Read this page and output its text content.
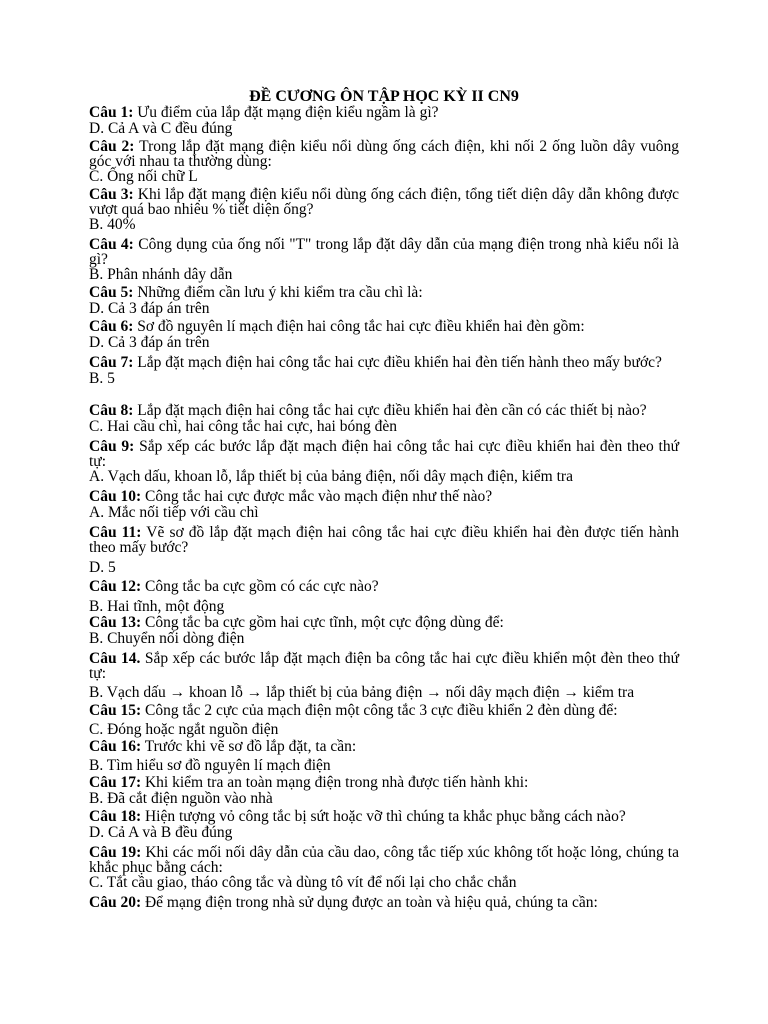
ĐỀ CƯƠNG ÔN TẬP HỌC KỲ II CN9

Câu 1: Ưu điểm của lắp đặt mạng điện kiểu ngầm là gì?

D. Cả A và C đều đúng

Câu 2: Trong lắp đặt mạng điện kiểu nổi dùng ống cách điện, khi nối 2 ống luồn dây vuông góc với nhau ta thường dùng:

C. Ống nối chữ L

Câu 3: Khi lắp đặt mạng điện kiểu nổi dùng ống cách điện, tổng tiết diện dây dẫn không được vượt quá bao nhiêu % tiết diện ống?

B. 40%

Câu 4: Công dụng của ống nối "T" trong lắp đặt dây dẫn của mạng điện trong nhà kiểu nổi là gì?

B. Phân nhánh dây dẫn

Câu 5: Những điểm cần lưu ý khi kiểm tra cầu chì là:

D. Cả 3 đáp án trên

Câu 6: Sơ đồ nguyên lí mạch điện hai công tắc hai cực điều khiển hai đèn gồm:

D. Cả 3 đáp án trên

Câu 7: Lắp đặt mạch điện hai công tắc hai cực điều khiển hai đèn tiến hành theo mấy bước?

B. 5

Câu 8: Lắp đặt mạch điện hai công tắc hai cực điều khiển hai đèn cần có các thiết bị nào?

C. Hai cầu chì, hai công tắc hai cực, hai bóng đèn

Câu 9: Sắp xếp các bước lắp đặt mạch điện hai công tắc hai cực điều khiển hai đèn theo thứ tự:

A. Vạch dấu, khoan lỗ, lắp thiết bị của bảng điện, nối dây mạch điện, kiểm tra

Câu 10: Công tắc hai cực được mắc vào mạch điện như thế nào?

A. Mắc nối tiếp với cầu chì

Câu 11: Vẽ sơ đồ lắp đặt mạch điện hai công tắc hai cực điều khiển hai đèn được tiến hành theo mấy bước?

D. 5

Câu 12: Công tắc ba cực gồm có các cực nào?

B. Hai tĩnh, một động

Câu 13: Công tắc ba cực gồm hai cực tĩnh, một cực động dùng để:

B. Chuyển nối dòng điện

Câu 14. Sắp xếp các bước lắp đặt mạch điện ba công tắc hai cực điều khiển một đèn theo thứ tự:

B. Vạch dấu → khoan lỗ → lắp thiết bị của bảng điện → nối dây mạch điện → kiểm tra

Câu 15: Công tắc 2 cực của mạch điện một công tắc 3 cực điều khiển 2 đèn dùng để:

C. Đóng hoặc ngắt nguồn điện

Câu 16: Trước khi vẽ sơ đồ lắp đặt, ta cần:

B. Tìm hiểu sơ đồ nguyên lí mạch điện

Câu 17: Khi kiểm tra an toàn mạng điện trong nhà được tiến hành khi:

B. Đã cắt điện nguồn vào nhà

Câu 18: Hiện tượng vỏ công tắc bị sứt hoặc vỡ thì chúng ta khắc phục bằng cách nào?

D. Cả A và B đều đúng

Câu 19: Khi các mối nối dây dẫn của cầu dao, công tắc tiếp xúc không tốt hoặc lỏng, chúng ta khắc phục bằng cách:

C. Tắt cầu giao, tháo công tắc và dùng tô vít để nối lại cho chắc chắn

Câu 20: Để mạng điện trong nhà sử dụng được an toàn và hiệu quả, chúng ta cần:
